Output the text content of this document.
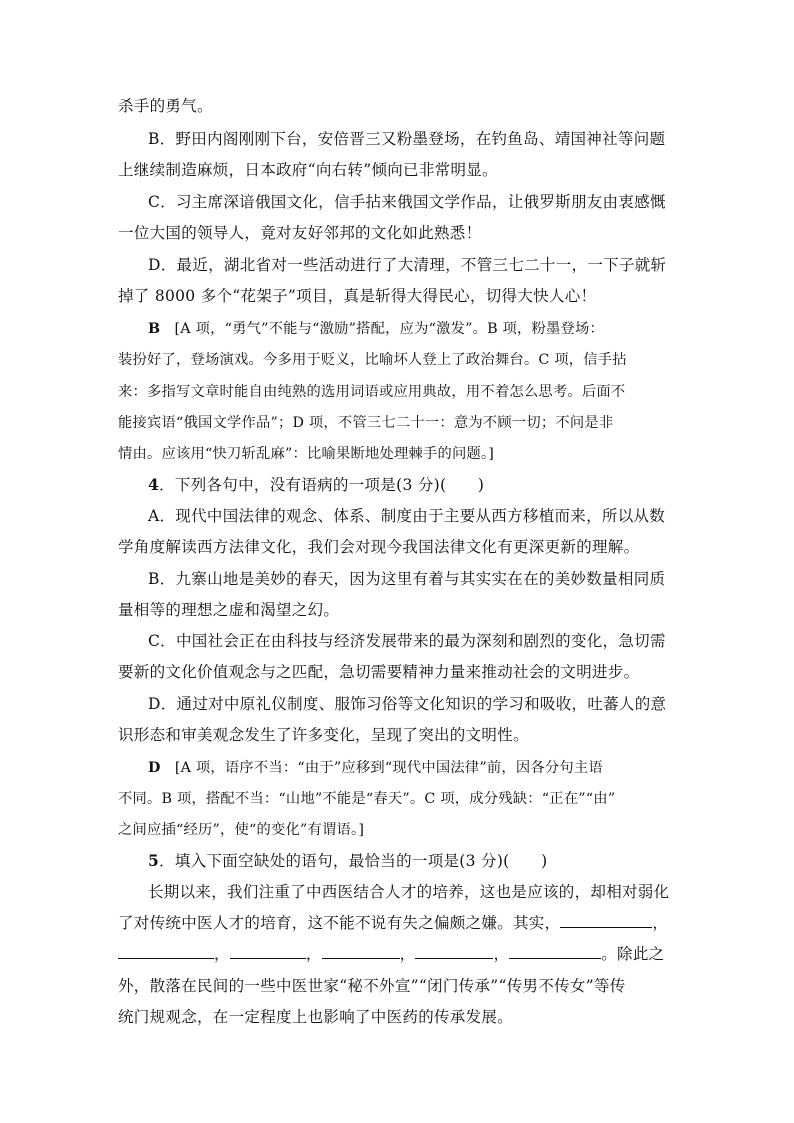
杀手的勇气。
B．野田内阁刚刚下台，安倍晋三又粉墨登场，在钓鱼岛、靖国神社等问题
上继续制造麻烦，日本政府“向右转”倾向已非常明显。
C．习主席深谙俄国文化，信手拈来俄国文学作品，让俄罗斯朋友由衷感慨
一位大国的领导人，竟对友好邻邦的文化如此熟悉！
D．最近，湖北省对一些活动进行了大清理，不管三七二十一，一下子就斩
掉了 8000 多个“花架子”项目，真是斩得大得民心，切得大快人心！
B [A 项，“勇气”不能与“激励”搭配，应为“激发”。B 项，粉墨登场：
装扮好了，登场演戏。今多用于贬义，比喻坏人登上了政治舞台。C 项，信手拈
来：多指写文章时能自由纯熟的选用词语或应用典故，用不着怎么思考。后面不
能接宾语“俄国文学作品”；D 项，不管三七二十一：意为不顾一切；不问是非
情由。应该用“快刀斩乱麻”：比喻果断地处理棘手的问题。]
4．下列各句中，没有语病的一项是(3 分)(　　)
A．现代中国法律的观念、体系、制度由于主要从西方移植而来，所以从数
学角度解读西方法律文化，我们会对现今我国法律文化有更深更新的理解。
B．九寨山地是美妙的春天，因为这里有着与其实实在在的美妙数量相同质
量相等的理想之虚和渴望之幻。
C．中国社会正在由科技与经济发展带来的最为深刻和剧烈的变化，急切需
要新的文化价值观念与之匹配，急切需要精神力量来推动社会的文明进步。
D．通过对中原礼仪制度、服饰习俗等文化知识的学习和吸收，吐蕃人的意
识形态和审美观念发生了许多变化，呈现了突出的文明性。
D [A 项，语序不当：“由于”应移到“现代中国法律”前，因各分句主语
不同。B 项，搭配不当：“山地”不能是“春天”。C 项，成分残缺：“正在”“由”
之间应插“经历”，使“的变化”有谓语。]
5．填入下面空缺处的语句，最恰当的一项是(3 分)(　　)
长期以来，我们注重了中西医结合人才的培养，这也是应该的，却相对弱化
了对传统中医人才的培育，这不能不说有失之偏颇之嫌。其实，	，
，	，	，	，	。除此之
外，散落在民间的一些中医世家“秘不外宣”“闭门传承”“传男不传女”等传
统门规观念，在一定程度上也影响了中医药的传承发展。
